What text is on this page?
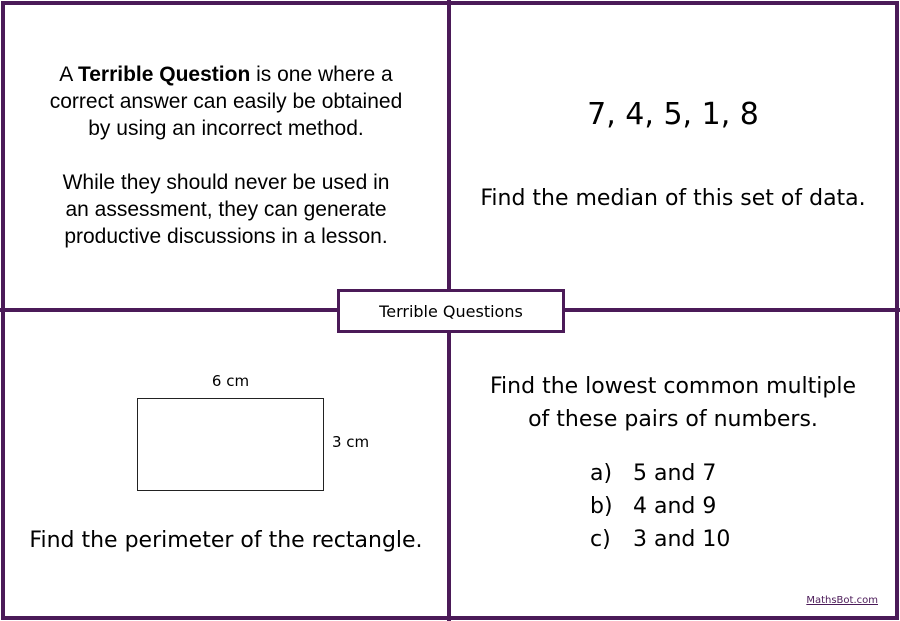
A Terrible Question is one where a

correct answer can easily be obtained

by using an incorrect method.

While they should never be used in

an assessment, they can generate

productive discussions in a lesson.

7, 4, 5, 1, 8
Find the median of this set of data.
6 cm
3 cm
Find the perimeter of the rectangle.
Find the lowest common multiple
of these pairs of numbers.
a) 5 and 7
b) 4 and 9
c)	3 and 10
MathsBot.com
Terrible Questions
